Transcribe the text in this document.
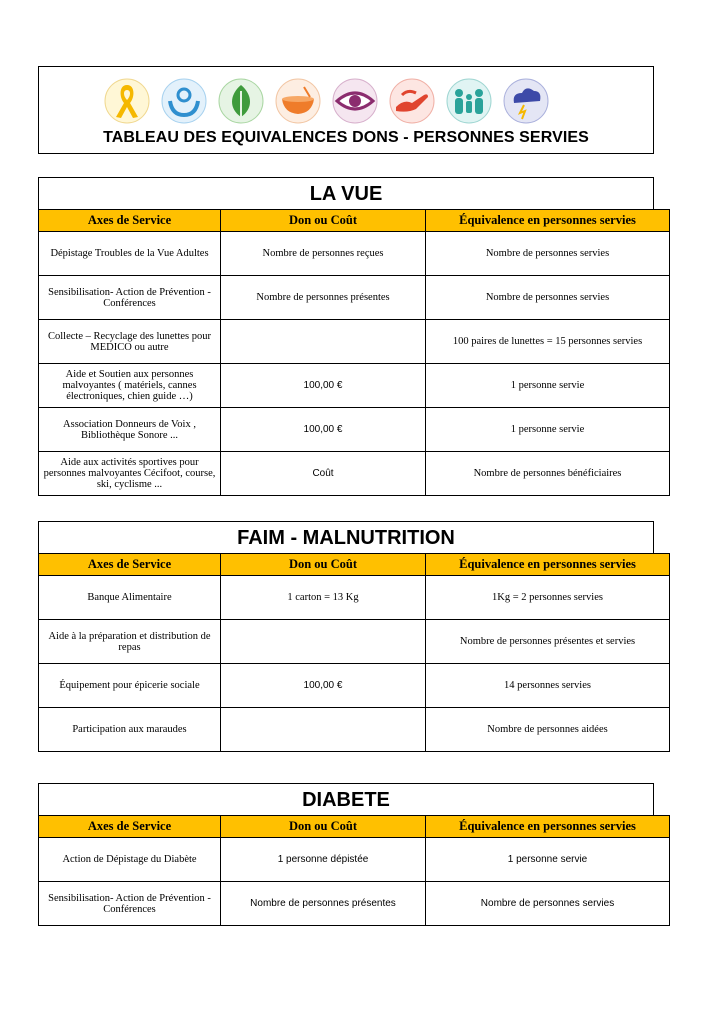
TABLEAU DES EQUIVALENCES DONS - PERSONNES SERVIES
LA VUE
Axes de Service	Don ou Coût	Équivalence en personnes servies
Dépistage Troubles de la Vue Adultes	Nombre de personnes reçues	Nombre de personnes servies
Sensibilisation- Action de Prévention - Conférences	Nombre de personnes présentes	Nombre de personnes servies
Collecte – Recyclage des lunettes pour MEDICO ou autre		100 paires de lunettes = 15 personnes servies
Aide et Soutien aux personnes malvoyantes ( matériels, cannes électroniques, chien guide …)	100,00 €	1 personne servie
Association Donneurs de Voix , Bibliothèque Sonore ...	100,00 €	1 personne servie
Aide aux activités sportives pour personnes malvoyantes Cécifoot, course, ski, cyclisme ...	Coût	Nombre de personnes bénéficiaires
FAIM - MALNUTRITION
Axes de Service	Don ou Coût	Équivalence en personnes servies
Banque Alimentaire	1 carton = 13 Kg	1Kg = 2 personnes servies
Aide à la préparation et distribution de repas		Nombre de personnes présentes et servies
Équipement pour épicerie sociale	100,00 €	14 personnes servies
Participation aux maraudes		Nombre de personnes aidées
DIABETE
Axes de Service	Don ou Coût	Équivalence en personnes servies
Action de Dépistage du Diabète	1 personne dépistée	1 personne servie
Sensibilisation- Action de Prévention - Conférences	Nombre de personnes présentes	Nombre de personnes servies
